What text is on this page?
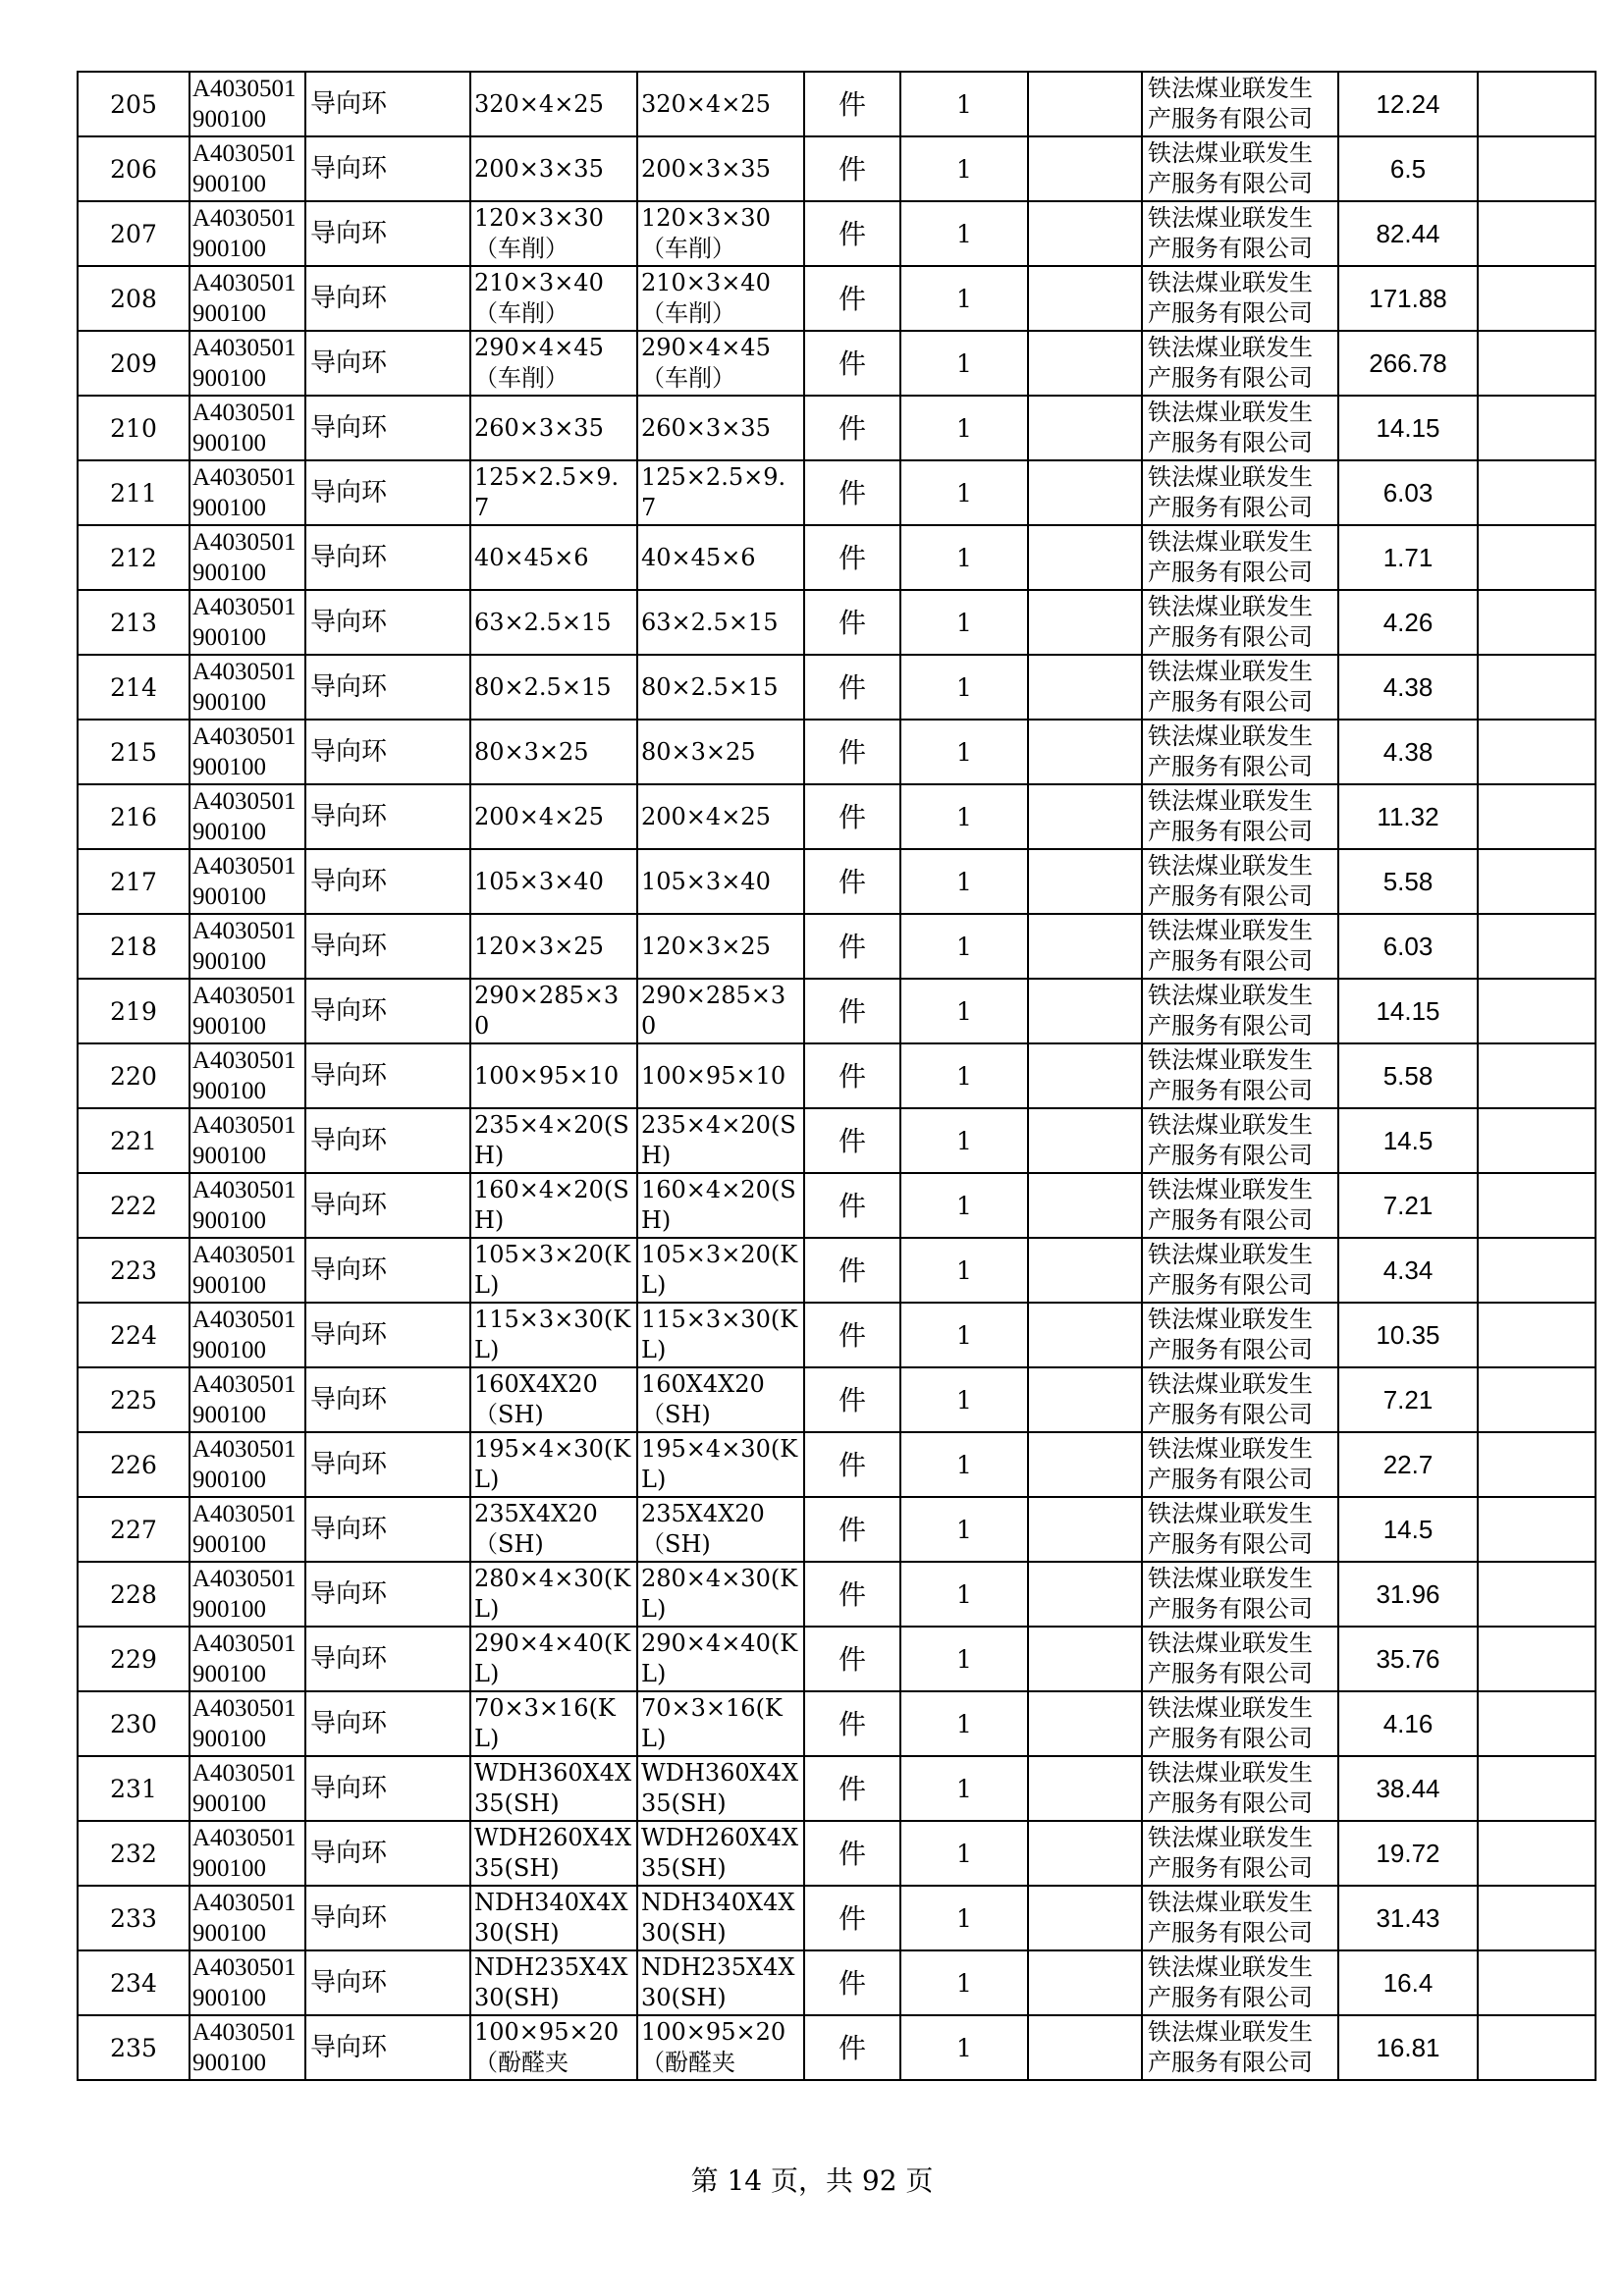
205	A4030501900100	导向环	320×4×25	320×4×25	件	1		铁法煤业联发生产服务有限公司	12.24	
206	A4030501900100	导向环	200×3×35	200×3×35	件	1		铁法煤业联发生产服务有限公司	6.5	
207	A4030501900100	导向环	120×3×30（车削）	120×3×30（车削）	件	1		铁法煤业联发生产服务有限公司	82.44	
208	A4030501900100	导向环	210×3×40（车削）	210×3×40（车削）	件	1		铁法煤业联发生产服务有限公司	171.88	
209	A4030501900100	导向环	290×4×45（车削）	290×4×45（车削）	件	1		铁法煤业联发生产服务有限公司	266.78	
210	A4030501900100	导向环	260×3×35	260×3×35	件	1		铁法煤业联发生产服务有限公司	14.15	
211	A4030501900100	导向环	125×2.5×9.7	125×2.5×9.7	件	1		铁法煤业联发生产服务有限公司	6.03	
212	A4030501900100	导向环	40×45×6	40×45×6	件	1		铁法煤业联发生产服务有限公司	1.71	
213	A4030501900100	导向环	63×2.5×15	63×2.5×15	件	1		铁法煤业联发生产服务有限公司	4.26	
214	A4030501900100	导向环	80×2.5×15	80×2.5×15	件	1		铁法煤业联发生产服务有限公司	4.38	
215	A4030501900100	导向环	80×3×25	80×3×25	件	1		铁法煤业联发生产服务有限公司	4.38	
216	A4030501900100	导向环	200×4×25	200×4×25	件	1		铁法煤业联发生产服务有限公司	11.32	
217	A4030501900100	导向环	105×3×40	105×3×40	件	1		铁法煤业联发生产服务有限公司	5.58	
218	A4030501900100	导向环	120×3×25	120×3×25	件	1		铁法煤业联发生产服务有限公司	6.03	
219	A4030501900100	导向环	290×285×30	290×285×30	件	1		铁法煤业联发生产服务有限公司	14.15	
220	A4030501900100	导向环	100×95×10	100×95×10	件	1		铁法煤业联发生产服务有限公司	5.58	
221	A4030501900100	导向环	235×4×20(SH)	235×4×20(SH)	件	1		铁法煤业联发生产服务有限公司	14.5	
222	A4030501900100	导向环	160×4×20(SH)	160×4×20(SH)	件	1		铁法煤业联发生产服务有限公司	7.21	
223	A4030501900100	导向环	105×3×20(KL)	105×3×20(KL)	件	1		铁法煤业联发生产服务有限公司	4.34	
224	A4030501900100	导向环	115×3×30(KL)	115×3×30(KL)	件	1		铁法煤业联发生产服务有限公司	10.35	
225	A4030501900100	导向环	160X4X20（SH)	160X4X20（SH)	件	1		铁法煤业联发生产服务有限公司	7.21	
226	A4030501900100	导向环	195×4×30(KL)	195×4×30(KL)	件	1		铁法煤业联发生产服务有限公司	22.7	
227	A4030501900100	导向环	235X4X20（SH)	235X4X20（SH)	件	1		铁法煤业联发生产服务有限公司	14.5	
228	A4030501900100	导向环	280×4×30(KL)	280×4×30(KL)	件	1		铁法煤业联发生产服务有限公司	31.96	
229	A4030501900100	导向环	290×4×40(KL)	290×4×40(KL)	件	1		铁法煤业联发生产服务有限公司	35.76	
230	A4030501900100	导向环	70×3×16(KL)	70×3×16(KL)	件	1		铁法煤业联发生产服务有限公司	4.16	
231	A4030501900100	导向环	WDH360X4X35(SH)	WDH360X4X35(SH)	件	1		铁法煤业联发生产服务有限公司	38.44	
232	A4030501900100	导向环	WDH260X4X35(SH)	WDH260X4X35(SH)	件	1		铁法煤业联发生产服务有限公司	19.72	
233	A4030501900100	导向环	NDH340X4X30(SH)	NDH340X4X30(SH)	件	1		铁法煤业联发生产服务有限公司	31.43	
234	A4030501900100	导向环	NDH235X4X30(SH)	NDH235X4X30(SH)	件	1		铁法煤业联发生产服务有限公司	16.4	
235	A4030501900100	导向环	100×95×20（酚醛夹	100×95×20（酚醛夹	件	1		铁法煤业联发生产服务有限公司	16.81	
第 14 页，共 92 页
